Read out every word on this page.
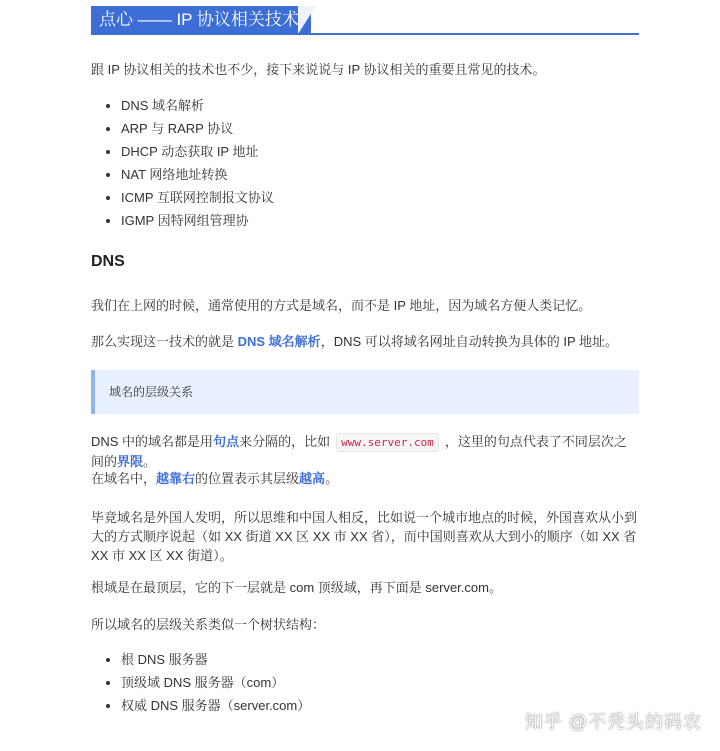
点心 —— IP 协议相关技术

跟 IP 协议相关的技术也不少，接下来说说与 IP 协议相关的重要且常见的技术。

• DNS 域名解析
• ARP 与 RARP 协议
• DHCP 动态获取 IP 地址
• NAT 网络地址转换
• ICMP 互联网控制报文协议
• IGMP 因特网组管理协
DNS

我们在上网的时候，通常使用的方式是域名，而不是 IP 地址，因为域名方便人类记忆。

那么实现这一技术的就是 DNS 域名解析，DNS 可以将域名网址自动转换为具体的 IP 地址。

域名的层级关系

DNS 中的域名都是用句点来分隔的，比如 www.server.com ，这里的句点代表了不同层次之间的界限。

在域名中，越靠右的位置表示其层级越高。

毕竟域名是外国人发明，所以思维和中国人相反，比如说一个城市地点的时候，外国喜欢从小到大的方式顺序说起（如 XX 街道 XX 区 XX 市 XX 省），而中国则喜欢从大到小的顺序（如 XX 省 XX 市 XX 区 XX 街道）。

根域是在最顶层，它的下一层就是 com 顶级域，再下面是 server.com。

所以域名的层级关系类似一个树状结构：

• 根 DNS 服务器
• 顶级域 DNS 服务器（com）
• 权威 DNS 服务器（server.com）
知乎 @不秃头的码农
